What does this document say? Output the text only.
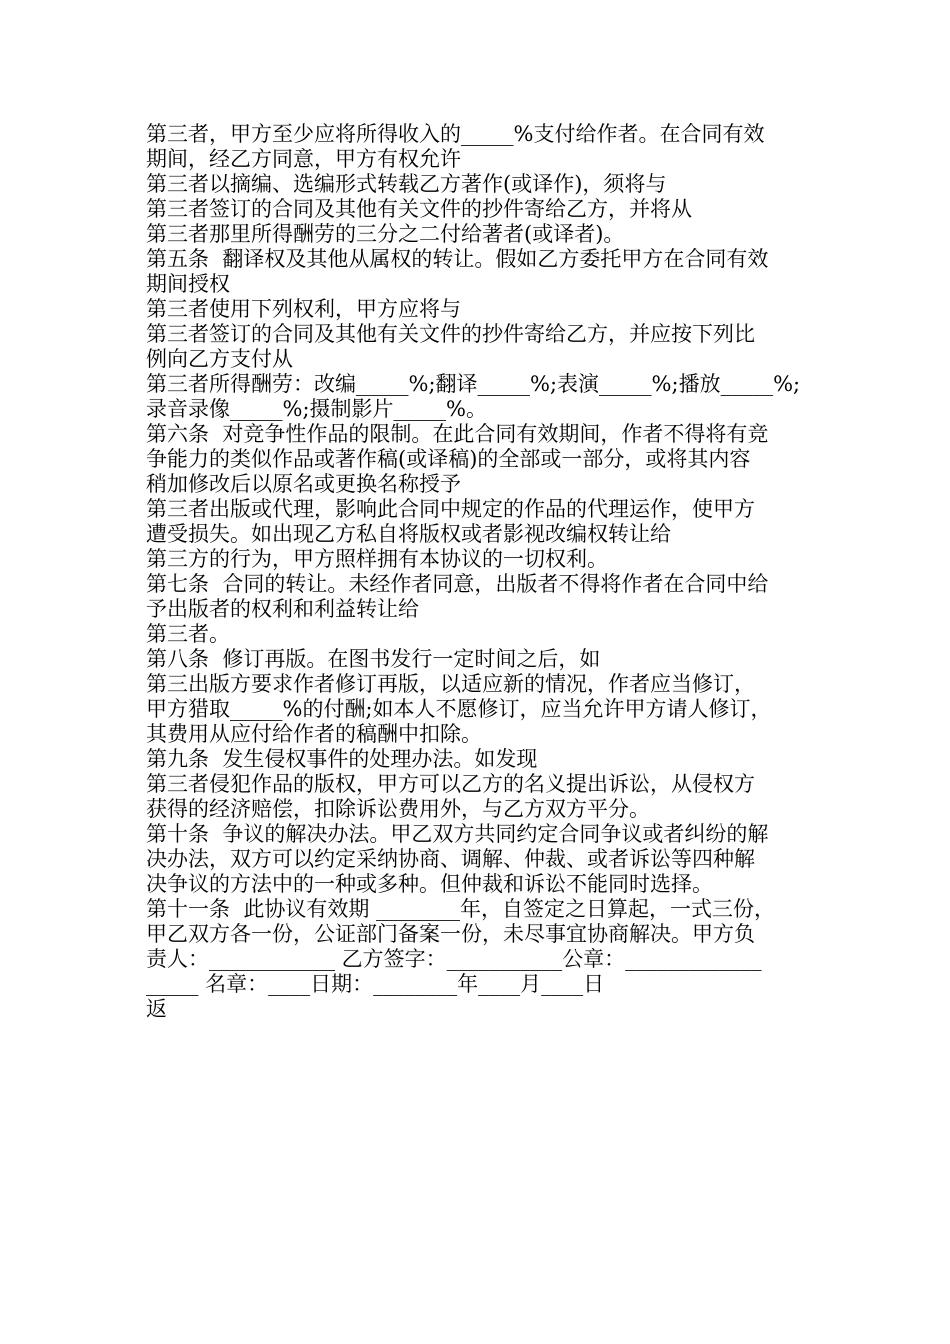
第三者，甲方至少应将所得收入的_____%支付给作者。在合同有效
期间，经乙方同意，甲方有权允许
第三者以摘编、选编形式转载乙方著作(或译作)，须将与
第三者签订的合同及其他有关文件的抄件寄给乙方，并将从
第三者那里所得酬劳的三分之二付给著者(或译者)。
第五条  翻译权及其他从属权的转让。假如乙方委托甲方在合同有效
期间授权
第三者使用下列权利，甲方应将与
第三者签订的合同及其他有关文件的抄件寄给乙方，并应按下列比
例向乙方支付从
第三者所得酬劳：改编_____%;翻译_____%;表演_____%;播放_____%;
录音录像_____%;摄制影片_____%。
第六条  对竞争性作品的限制。在此合同有效期间，作者不得将有竞
争能力的类似作品或著作稿(或译稿)的全部或一部分，或将其内容
稍加修改后以原名或更换名称授予
第三者出版或代理，影响此合同中规定的作品的代理运作，使甲方
遭受损失。如出现乙方私自将版权或者影视改编权转让给
第三方的行为，甲方照样拥有本协议的一切权利。
第七条  合同的转让。未经作者同意，出版者不得将作者在合同中给
予出版者的权利和利益转让给
第三者。
第八条  修订再版。在图书发行一定时间之后，如
第三出版方要求作者修订再版，以适应新的情况，作者应当修订，
甲方猎取_____%的付酬;如本人不愿修订，应当允许甲方请人修订，
其费用从应付给作者的稿酬中扣除。
第九条  发生侵权事件的处理办法。如发现
第三者侵犯作品的版权，甲方可以乙方的名义提出诉讼，从侵权方
获得的经济赔偿，扣除诉讼费用外，与乙方双方平分。
第十条  争议的解决办法。甲乙双方共同约定合同争议或者纠纷的解
决办法，双方可以约定采纳协商、调解、仲裁、或者诉讼等四种解
决争议的方法中的一种或多种。但仲裁和诉讼不能同时选择。
第十一条  此协议有效期 ________年，自签定之日算起，一式三份，
甲乙双方各一份，公证部门备案一份，未尽事宜协商解决。甲方负
责人：____________ 乙方签字：___________公章：_____________
_____ 名章：____日期：________年____月____日
返
